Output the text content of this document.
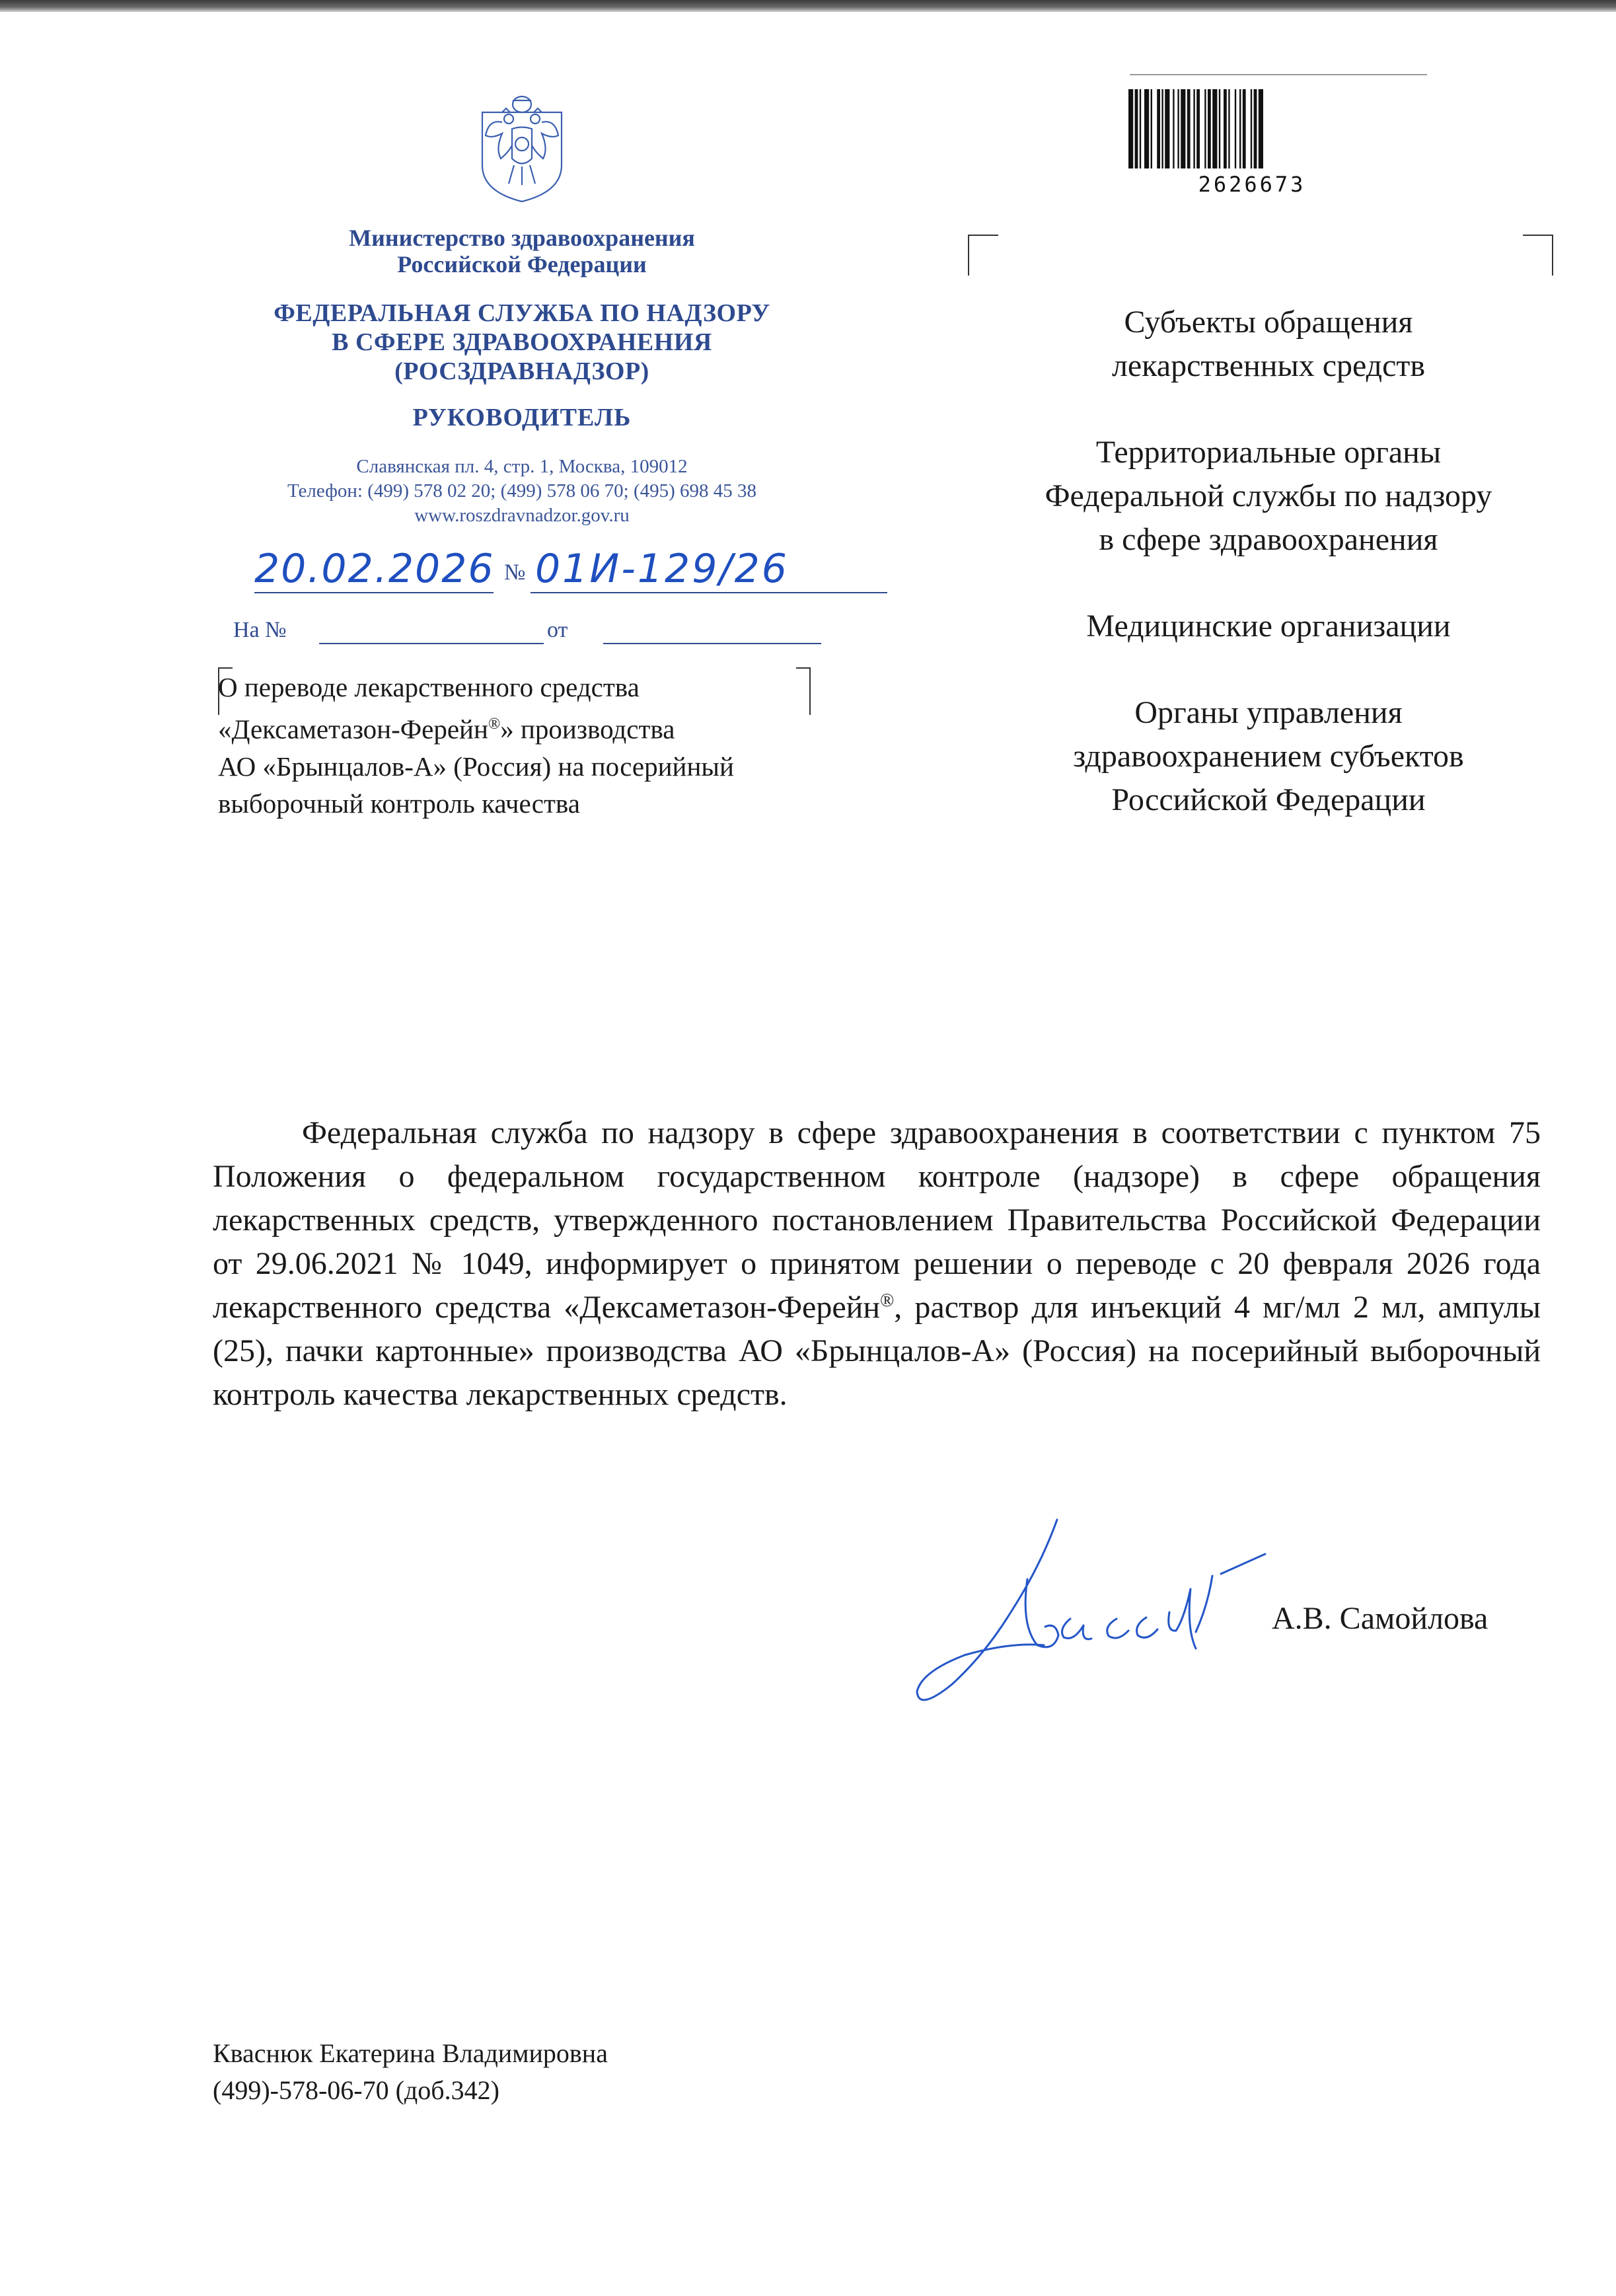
Министерство здравоохранения
Российской Федерации
ФЕДЕРАЛЬНАЯ СЛУЖБА ПО НАДЗОРУ
В СФЕРЕ ЗДРАВООХРАНЕНИЯ
(РОСЗДРАВНАДЗОР)
РУКОВОДИТЕЛЬ
Славянская пл. 4, стр. 1, Москва, 109012
Телефон: (499) 578 02 20; (499) 578 06 70; (495) 698 45 38
www.roszdravnadzor.gov.ru
20.02.2026 № 01И-129/26
На №	от
О переводе лекарственного средства
«Дексаметазон-Ферейн®» производства
АО «Брынцалов-А» (Россия) на посерийный
выборочный контроль качества
2626673
Субъекты обращения
лекарственных средств
Территориальные органы
Федеральной службы по надзору
в сфере здравоохранения
Медицинские организации
Органы управления
здравоохранением субъектов
Российской Федерации
Федеральная служба по надзору в сфере здравоохранения в соответствии с пунктом 75 Положения о федеральном государственном контроле (надзоре) в сфере обращения лекарственных средств, утвержденного постановлением Правительства Российской Федерации от 29.06.2021 № 1049, информирует о принятом решении о переводе с 20 февраля 2026 года лекарственного средства «Дексаметазон-Ферейн®, раствор для инъекций 4 мг/мл 2 мл, ампулы (25), пачки картонные» производства АО «Брынцалов-А» (Россия) на посерийный выборочный контроль качества лекарственных средств.
А.В. Самойлова
Кваснюк Екатерина Владимировна
(499)-578-06-70 (доб.342)
